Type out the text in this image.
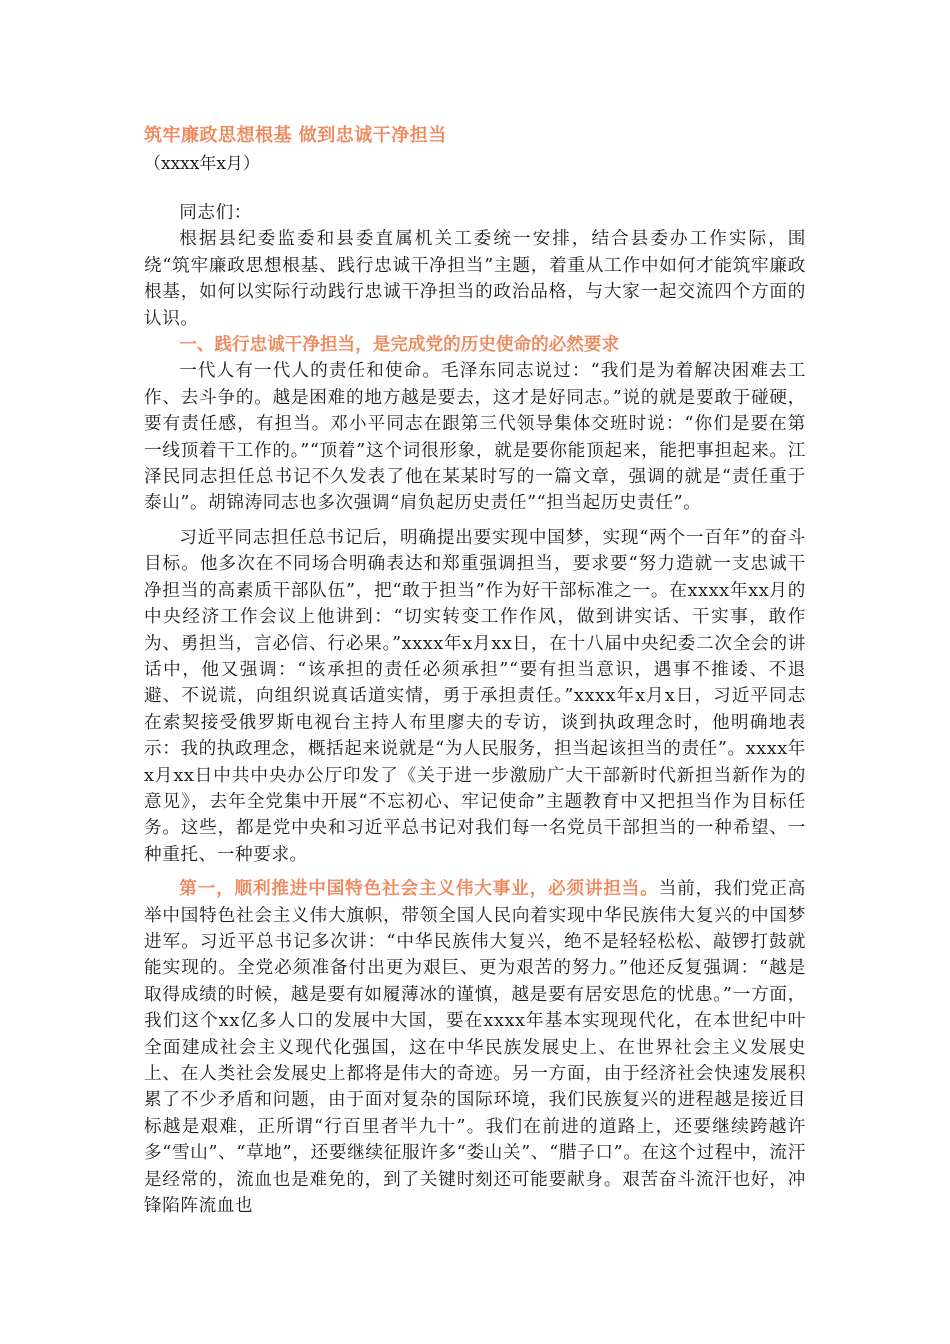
筑牢廉政思想根基 做到忠诚干净担当

（xxxx年x月）

同志们：

根据县纪委监委和县委直属机关工委统一安排，结合县委办工作实际，围绕“筑牢廉政思想根基、践行忠诚干净担当”主题，着重从工作中如何才能筑牢廉政根基，如何以实际行动践行忠诚干净担当的政治品格，与大家一起交流四个方面的认识。

一、践行忠诚干净担当，是完成党的历史使命的必然要求

一代人有一代人的责任和使命。毛泽东同志说过：“我们是为着解决困难去工作、去斗争的。越是困难的地方越是要去，这才是好同志。”说的就是要敢于碰硬，要有责任感，有担当。邓小平同志在跟第三代领导集体交班时说：“你们是要在第一线顶着干工作的。”“顶着”这个词很形象，就是要你能顶起来，能把事担起来。江泽民同志担任总书记不久发表了他在某某时写的一篇文章，强调的就是“责任重于泰山”。胡锦涛同志也多次强调“肩负起历史责任”“担当起历史责任”。

习近平同志担任总书记后，明确提出要实现中国梦，实现“两个一百年”的奋斗目标。他多次在不同场合明确表达和郑重强调担当，要求要“努力造就一支忠诚干净担当的高素质干部队伍”，把“敢于担当”作为好干部标准之一。在xxxx年xx月的中央经济工作会议上他讲到：“切实转变工作作风，做到讲实话、干实事，敢作为、勇担当，言必信、行必果。”xxxx年x月xx日，在十八届中央纪委二次全会的讲话中，他又强调：“该承担的责任必须承担”“要有担当意识，遇事不推诿、不退避、不说谎，向组织说真话道实情，勇于承担责任。”xxxx年x月x日，习近平同志在索契接受俄罗斯电视台主持人布里廖夫的专访，谈到执政理念时，他明确地表示：我的执政理念，概括起来说就是“为人民服务，担当起该担当的责任”。xxxx年x月xx日中共中央办公厅印发了《关于进一步激励广大干部新时代新担当新作为的意见》，去年全党集中开展“不忘初心、牢记使命”主题教育中又把担当作为目标任务。这些，都是党中央和习近平总书记对我们每一名党员干部担当的一种希望、一种重托、一种要求。

第一，顺利推进中国特色社会主义伟大事业，必须讲担当。当前，我们党正高举中国特色社会主义伟大旗帜，带领全国人民向着实现中华民族伟大复兴的中国梦进军。习近平总书记多次讲：“中华民族伟大复兴，绝不是轻轻松松、敲锣打鼓就能实现的。全党必须准备付出更为艰巨、更为艰苦的努力。”他还反复强调：“越是取得成绩的时候，越是要有如履薄冰的谨慎，越是要有居安思危的忧患。”一方面，我们这个xx亿多人口的发展中大国，要在xxxx年基本实现现代化，在本世纪中叶全面建成社会主义现代化强国，这在中华民族发展史上、在世界社会主义发展史上、在人类社会发展史上都将是伟大的奇迹。另一方面，由于经济社会快速发展积累了不少矛盾和问题，由于面对复杂的国际环境，我们民族复兴的进程越是接近目标越是艰难，正所谓“行百里者半九十”。我们在前进的道路上，还要继续跨越许多“雪山”、“草地”，还要继续征服许多“娄山关”、“腊子口”。在这个过程中，流汗是经常的，流血也是难免的，到了关键时刻还可能要献身。艰苦奋斗流汗也好，冲锋陷阵流血也
